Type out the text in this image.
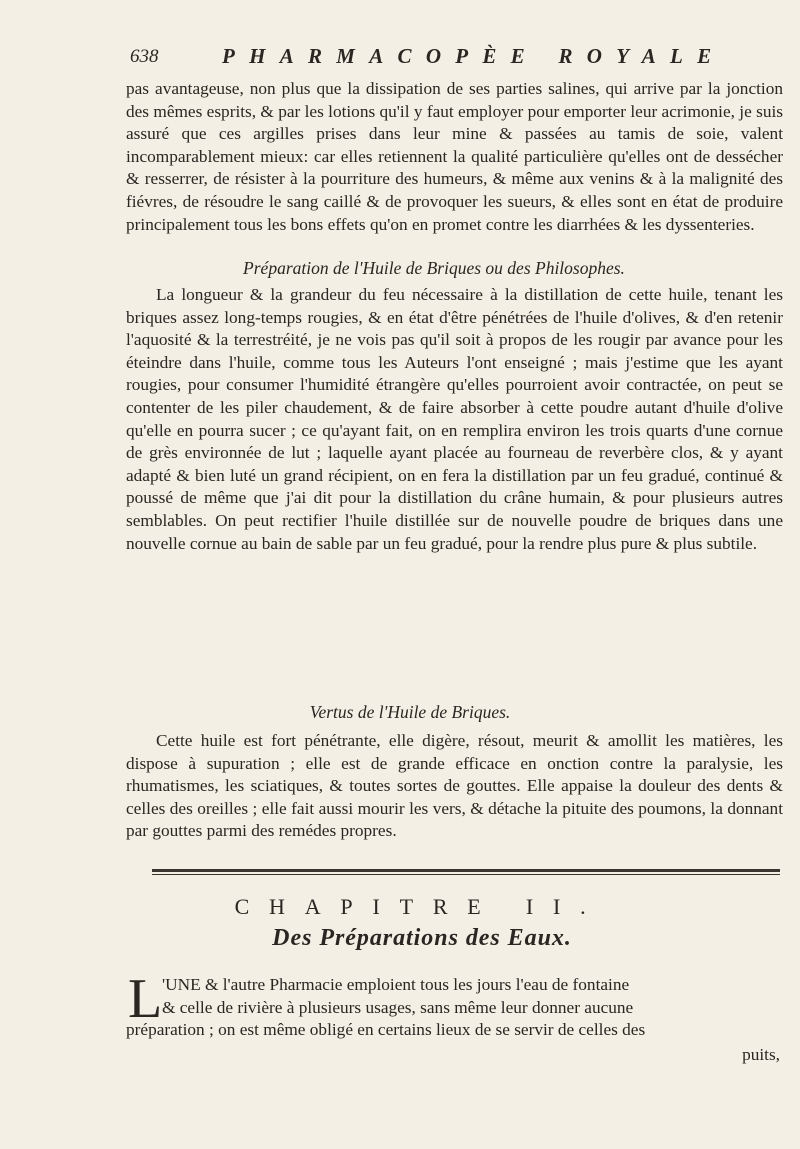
638	PHARMACOPÈE ROYALE

pas avantageuse, non plus que la dissipation de ses parties salines, qui arrive par la jonction des mêmes esprits, & par les lotions qu'il y faut employer pour emporter leur acrimonie, je suis assuré que ces argilles prises dans leur mine & passées au tamis de soie, valent incomparablement mieux: car elles retiennent la qualité particulière qu'elles ont de dessécher & resserrer, de résister à la pourriture des humeurs, & même aux venins & à la malignité des fiévres, de résoudre le sang caillé & de provoquer les sueurs, & elles sont en état de produire principalement tous les bons effets qu'on en promet contre les diarrhées & les dyssenteries.

Préparation de l'Huile de Briques ou des Philosophes.

La longueur & la grandeur du feu nécessaire à la distillation de cette huile, tenant les briques assez long-temps rougies, & en état d'être pénétrées de l'huile d'olives, & d'en retenir l'aquosité & la terrestréité, je ne vois pas qu'il soit à propos de les rougir par avance pour les éteindre dans l'huile, comme tous les Auteurs l'ont enseigné ; mais j'estime que les ayant rougies, pour consumer l'humidité étrangère qu'elles pourroient avoir contractée, on peut se contenter de les piler chaudement, & de faire absorber à cette poudre autant d'huile d'olive qu'elle en pourra sucer ; ce qu'ayant fait, on en remplira environ les trois quarts d'une cornue de grès environnée de lut ; laquelle ayant placée au fourneau de reverbère clos, & y ayant adapté & bien luté un grand récipient, on en fera la distillation par un feu gradué, continué & poussé de même que j'ai dit pour la distillation du crâne humain, & pour plusieurs autres semblables. On peut rectifier l'huile distillée sur de nouvelle poudre de briques dans une nouvelle cornue au bain de sable par un feu gradué, pour la rendre plus pure & plus subtile.

Vertus de l'Huile de Briques.

Cette huile est fort pénétrante, elle digère, résout, meurit & amollit les matières, les dispose à supuration ; elle est de grande efficace en onction contre la paralysie, les rhumatismes, les sciatiques, & toutes sortes de gouttes. Elle appaise la douleur des dents & celles des oreilles ; elle fait aussi mourir les vers, & détache la pituite des poumons, la donnant par gouttes parmi des remédes propres.

CHAPITRE II.

Des Préparations des Eaux.

L 'UNE & l'autre Pharmacie emploient tous les jours l'eau de fontaine
& celle de rivière à plusieurs usages, sans même leur donner aucune
préparation ; on est même obligé en certains lieux de se servir de celles des

puits,
